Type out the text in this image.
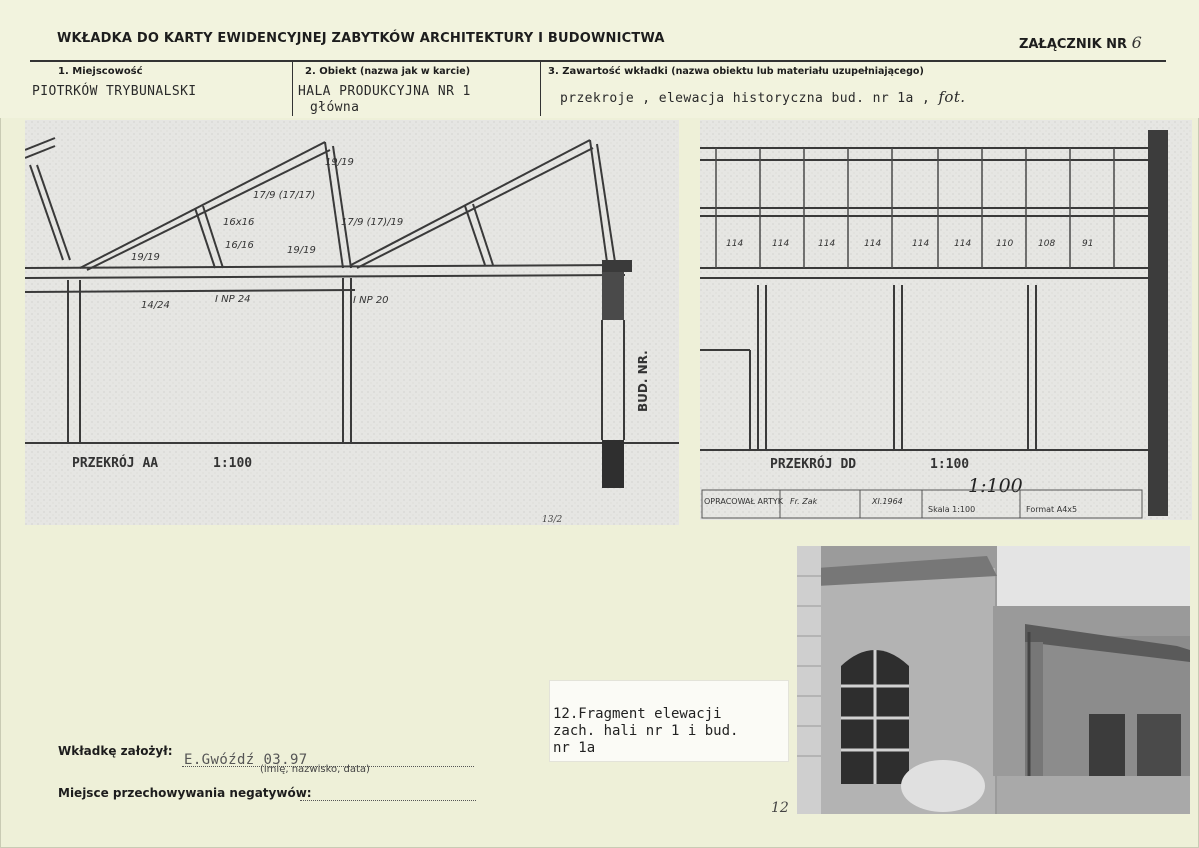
WKŁADKA DO KARTY EWIDENCYJNEJ ZABYTKÓW ARCHITEKTURY I BUDOWNICTWA	ZAŁĄCZNIK NR 6
1. Miejscowość	2. Obiekt (nazwa jak w karcie)	3. Zawartość wkładki (nazwa obiektu lub materiału uzupełniającego)
PIOTRKÓW TRYBUNALSKI	HALA PRODUKCYJNA NR 1
główna
przekroje , elewacja historyczna bud. nr 1a , fot.
19/19
17/9 (17/17)
16x16
16/16
19/19
19/19
17/9 (17)/19
14/24
I NP 24	I NP 20
PRZEKRÓJ AA	1:100
BUD. NR.
13/2
114	114	114	114	114	114	110	108	91
PRZEKRÓJ DD	1:100
1:100
OPRACOWAŁ ARTYK Fr. Zak	XI.1964
Skala 1:100	Format A4x5
12.Fragment elewacji
zach. hali nr 1 i bud.
nr 1a
12
Wkładkę założył:
E.Gwóźdź 03.97
(imię, nazwisko, data)
Miejsce przechowywania negatywów:
